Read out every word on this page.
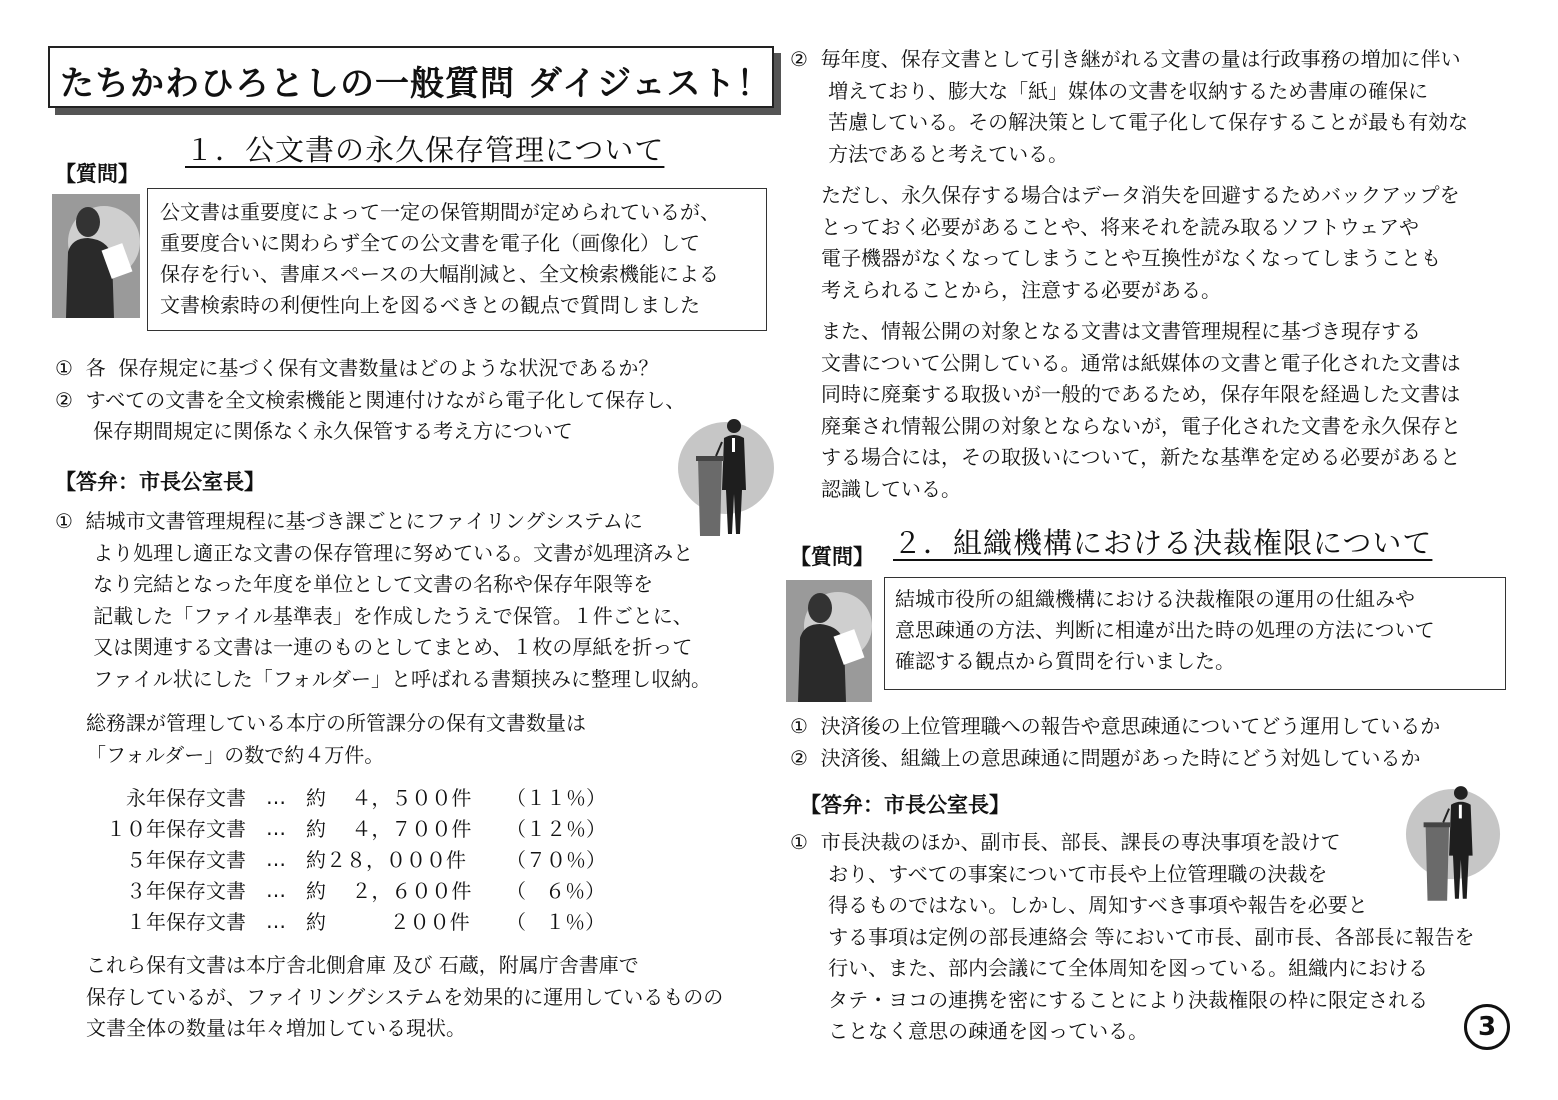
たちかわひろとしの一般質問 ダイジェスト！
１．公文書の永久保存管理について
【質問】
公文書は重要度によって一定の保管期間が定められているが、
重要度合いに関わらず全ての公文書を電子化（画像化）して
保存を行い、書庫スペースの大幅削減と、全文検索機能による
文書検索時の利便性向上を図るべきとの観点で質問しました
①  各  保存規定に基づく保有文書数量はどのような状況であるか？
②  すべての文書を全文検索機能と関連付けながら電子化して保存し、
保存期間規定に関係なく永久保管する考え方について
【答弁：市長公室長】
①  結城市文書管理規程に基づき課ごとにファイリングシステムに
より処理し適正な文書の保存管理に努めている。文書が処理済みと
なり完結となった年度を単位として文書の名称や保存年限等を
記載した「ファイル基準表」を作成したうえで保管。１件ごとに、
又は関連する文書は一連のものとしてまとめ、１枚の厚紙を折って
ファイル状にした「フォルダー」と呼ばれる書類挟みに整理し収納。
総務課が管理している本庁の所管課分の保有文書数量は
「フォルダー」の数で約４万件。
永年保存文書	…	約    ４，５００件	（１１％）
１０年保存文書	…	約    ４，７００件	（１２％）
５年保存文書	…	約２８，０００件	（７０％）
３年保存文書	…	約    ２，６００件	（   ６％）
１年保存文書	…	約          ２００件	（   １％）
これら保有文書は本庁舎北側倉庫 及び 石蔵，附属庁舎書庫で
保存しているが、ファイリングシステムを効果的に運用しているものの
文書全体の数量は年々増加している現状。
②  毎年度、保存文書として引き継がれる文書の量は行政事務の増加に伴い
増えており、膨大な「紙」媒体の文書を収納するため書庫の確保に
苦慮している。その解決策として電子化して保存することが最も有効な
方法であると考えている。
ただし、永久保存する場合はデータ消失を回避するためバックアップを
とっておく必要があることや、将来それを読み取るソフトウェアや
電子機器がなくなってしまうことや互換性がなくなってしまうことも
考えられることから，注意する必要がある。
また、情報公開の対象となる文書は文書管理規程に基づき現存する
文書について公開している。通常は紙媒体の文書と電子化された文書は
同時に廃棄する取扱いが一般的であるため，保存年限を経過した文書は
廃棄され情報公開の対象とならないが，電子化された文書を永久保存と
する場合には，その取扱いについて，新たな基準を定める必要があると
認識している。
２．組織機構における決裁権限について
【質問】
結城市役所の組織機構における決裁権限の運用の仕組みや
意思疎通の方法、判断に相違が出た時の処理の方法について
確認する観点から質問を行いました。
①  決済後の上位管理職への報告や意思疎通についてどう運用しているか
②  決済後、組織上の意思疎通に問題があった時にどう対処しているか
【答弁：市長公室長】
①  市長決裁のほか、副市長、部長、課長の専決事項を設けて
おり、すべての事案について市長や上位管理職の決裁を
得るものではない。しかし、周知すべき事項や報告を必要と
する事項は定例の部長連絡会 等において市長、副市長、各部長に報告を
行い、また、部内会議にて全体周知を図っている。組織内における
タテ・ヨコの連携を密にすることにより決裁権限の枠に限定される
ことなく意思の疎通を図っている。	3
